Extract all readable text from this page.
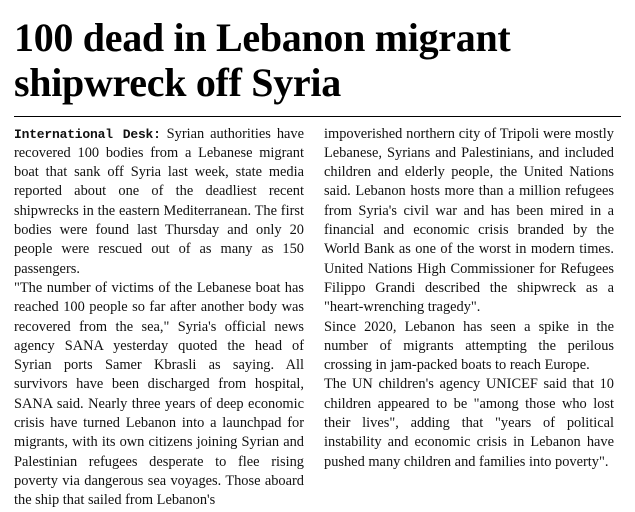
100 dead in Lebanon migrant shipwreck off Syria

International Desk: Syrian authorities have recovered 100 bodies from a Lebanese migrant boat that sank off Syria last week, state media reported about one of the deadliest recent shipwrecks in the eastern Mediterranean. The first bodies were found last Thursday and only 20 people were rescued out of as many as 150 passengers.

"The number of victims of the Lebanese boat has reached 100 people so far after another body was recovered from the sea," Syria's official news agency SANA yesterday quoted the head of Syrian ports Samer Kbrasli as saying. All survivors have been discharged from hospital, SANA said. Nearly three years of deep economic crisis have turned Lebanon into a launchpad for migrants, with its own citizens joining Syrian and Palestinian refugees desperate to flee rising poverty via dangerous sea voyages. Those aboard the ship that sailed from Lebanon's

impoverished northern city of Tripoli were mostly Lebanese, Syrians and Palestinians, and included children and elderly people, the United Nations said. Lebanon hosts more than a million refugees from Syria's civil war and has been mired in a financial and economic crisis branded by the World Bank as one of the worst in modern times. United Nations High Commissioner for Refugees Filippo Grandi described the shipwreck as a "heart-wrenching tragedy".

Since 2020, Lebanon has seen a spike in the number of migrants attempting the perilous crossing in jam-packed boats to reach Europe.

The UN children's agency UNICEF said that 10 children appeared to be "among those who lost their lives", adding that "years of political instability and economic crisis in Lebanon have pushed many children and families into poverty".
